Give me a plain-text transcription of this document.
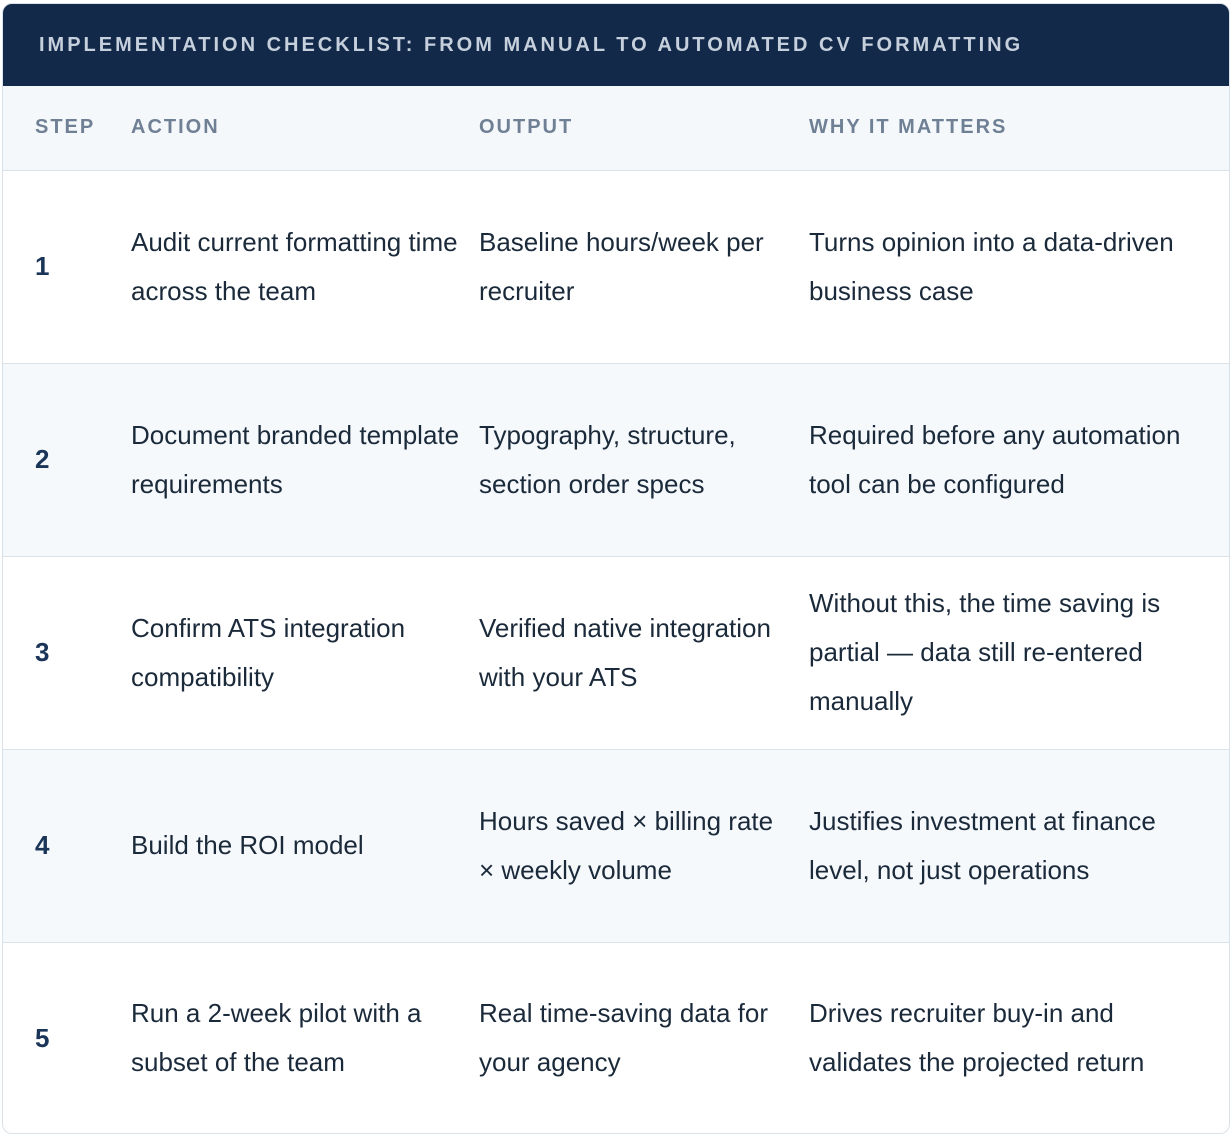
IMPLEMENTATION CHECKLIST: FROM MANUAL TO AUTOMATED CV FORMATTING
STEP	ACTION	OUTPUT	WHY IT MATTERS
1	Audit current formatting time across the team	Baseline hours/week per recruiter	Turns opinion into a data-driven business case
2	Document branded template requirements	Typography, structure, section order specs	Required before any automation tool can be configured
3	Confirm ATS integration compatibility	Verified native integration with your ATS	Without this, the time saving is partial — data still re-entered manually
4	Build the ROI model	Hours saved × billing rate × weekly volume	Justifies investment at finance level, not just operations
5	Run a 2-week pilot with a subset of the team	Real time-saving data for your agency	Drives recruiter buy-in and validates the projected return
